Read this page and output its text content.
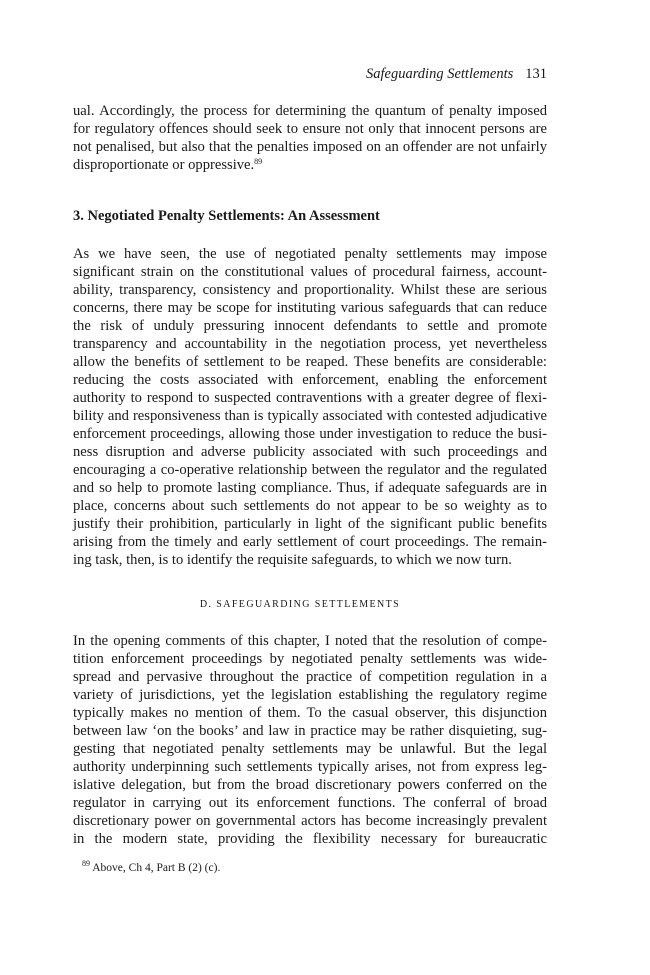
Safeguarding Settlements 131
ual. Accordingly, the process for determining the quantum of penalty imposed
for regulatory offences should seek to ensure not only that innocent persons are
not penalised, but also that the penalties imposed on an offender are not unfairly
disproportionate or oppressive.$^{89}$
3. Negotiated Penalty Settlements: An Assessment
As we have seen, the use of negotiated penalty settlements may impose
significant strain on the constitutional values of procedural fairness, account-
ability, transparency, consistency and proportionality. Whilst these are serious
concerns, there may be scope for instituting various safeguards that can reduce
the risk of unduly pressuring innocent defendants to settle and promote
transparency and accountability in the negotiation process, yet nevertheless
allow the benefits of settlement to be reaped. These benefits are considerable:
reducing the costs associated with enforcement, enabling the enforcement
authority to respond to suspected contraventions with a greater degree of flexi-
bility and responsiveness than is typically associated with contested adjudicative
enforcement proceedings, allowing those under investigation to reduce the busi-
ness disruption and adverse publicity associated with such proceedings and
encouraging a co-operative relationship between the regulator and the regulated
and so help to promote lasting compliance. Thus, if adequate safeguards are in
place, concerns about such settlements do not appear to be so weighty as to
justify their prohibition, particularly in light of the significant public benefits
arising from the timely and early settlement of court proceedings. The remain-
ing task, then, is to identify the requisite safeguards, to which we now turn.
D. SAFEGUARDING SETTLEMENTS
In the opening comments of this chapter, I noted that the resolution of compe-
tition enforcement proceedings by negotiated penalty settlements was wide-
spread and pervasive throughout the practice of competition regulation in a
variety of jurisdictions, yet the legislation establishing the regulatory regime
typically makes no mention of them. To the casual observer, this disjunction
between law ‘on the books’ and law in practice may be rather disquieting, sug-
gesting that negotiated penalty settlements may be unlawful. But the legal
authority underpinning such settlements typically arises, not from express leg-
islative delegation, but from the broad discretionary powers conferred on the
regulator in carrying out its enforcement functions. The conferral of broad
discretionary power on governmental actors has become increasingly prevalent
in the modern state, providing the flexibility necessary for bureaucratic
$^{89}$ Above, Ch 4, Part B (2) (c).
